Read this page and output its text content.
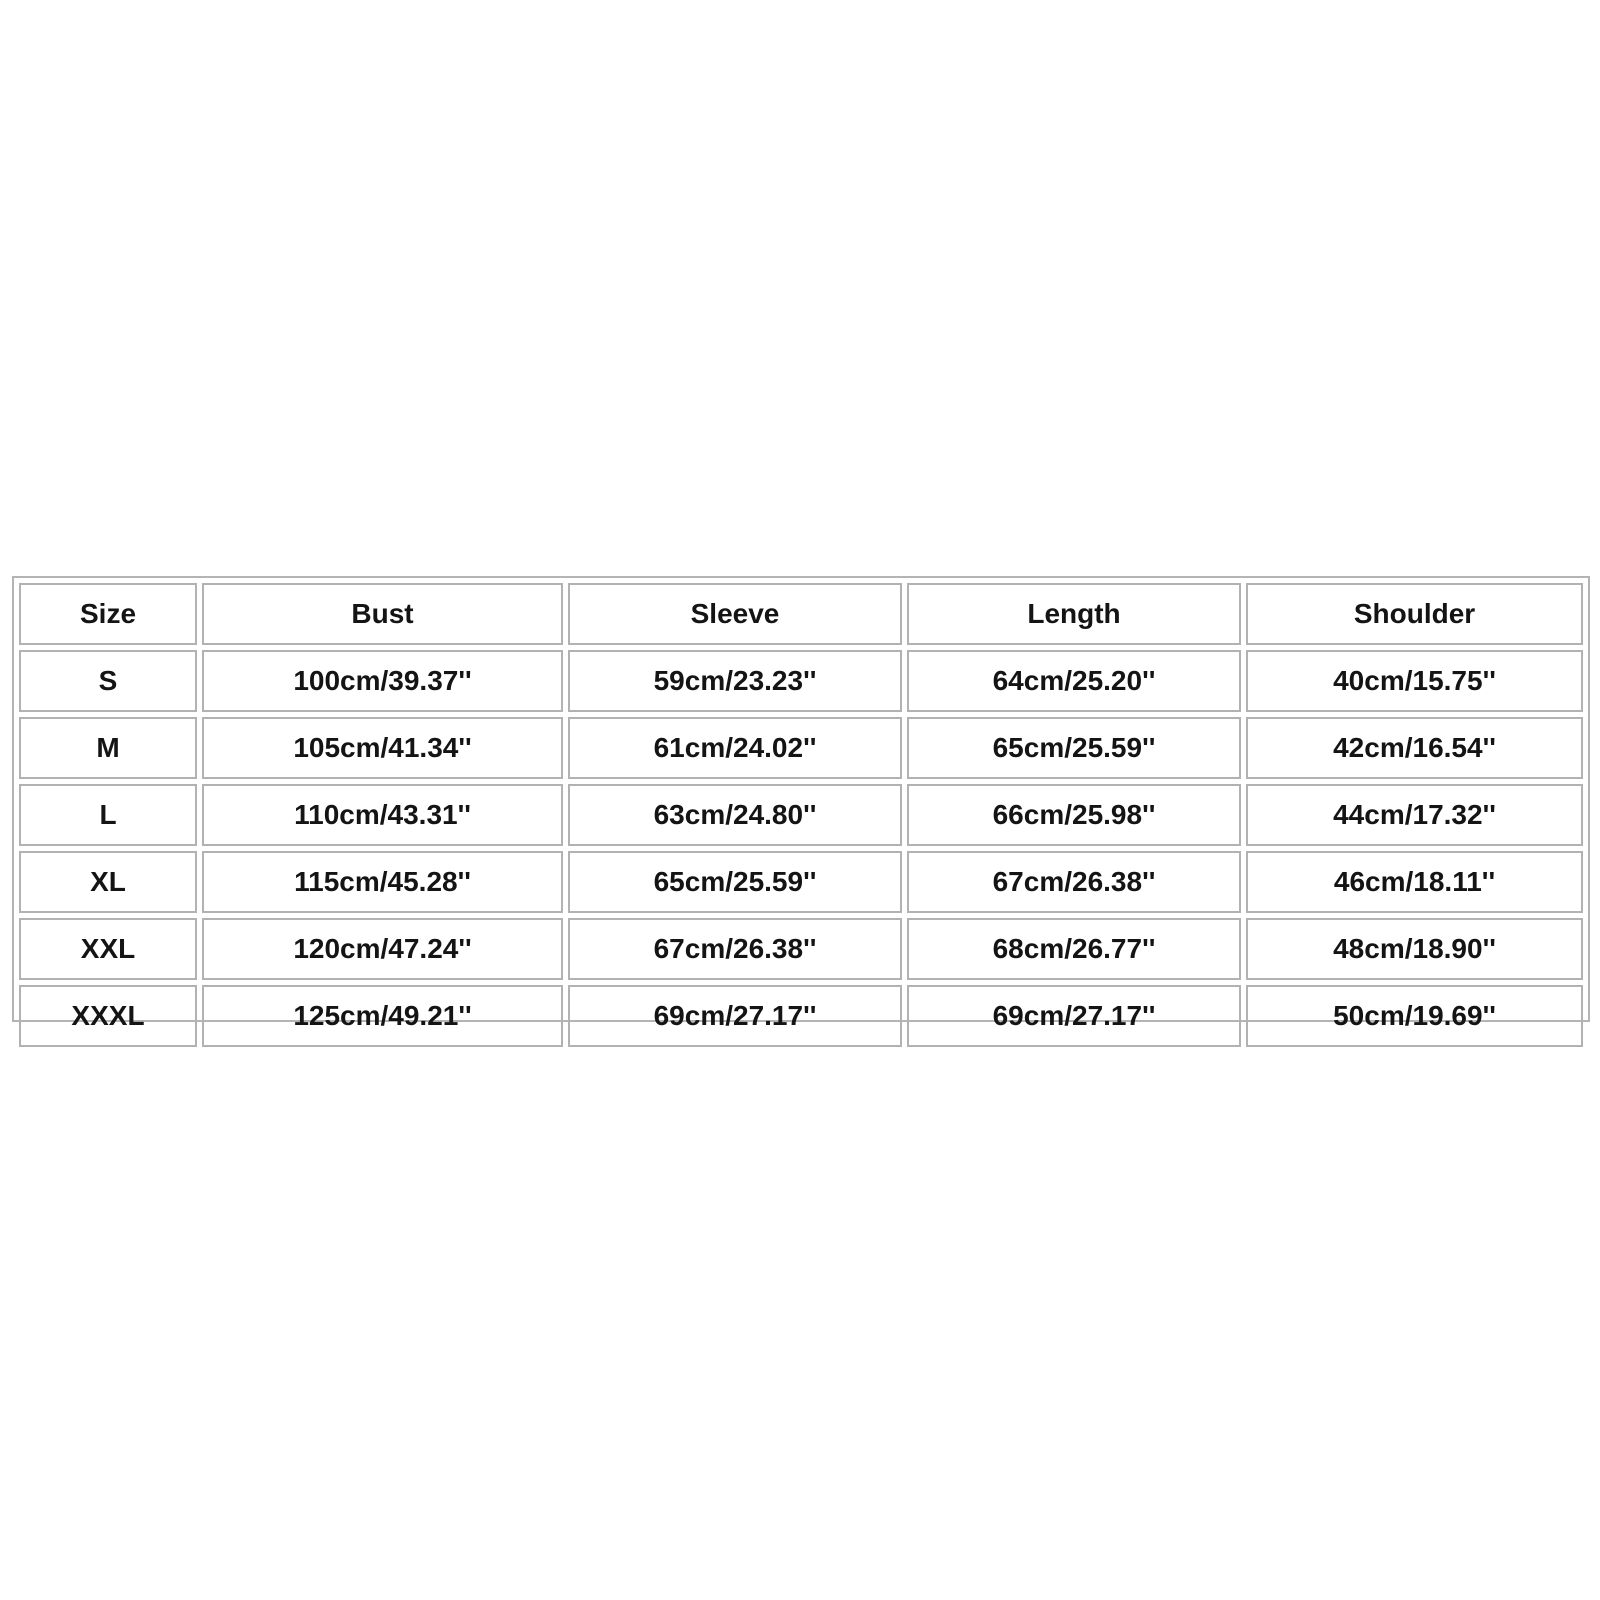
Size	Bust	Sleeve	Length	Shoulder
S	100cm/39.37''	59cm/23.23''	64cm/25.20''	40cm/15.75''
M	105cm/41.34''	61cm/24.02''	65cm/25.59''	42cm/16.54''
L	110cm/43.31''	63cm/24.80''	66cm/25.98''	44cm/17.32''
XL	115cm/45.28''	65cm/25.59''	67cm/26.38''	46cm/18.11''
XXL	120cm/47.24''	67cm/26.38''	68cm/26.77''	48cm/18.90''
XXXL	125cm/49.21''	69cm/27.17''	69cm/27.17''	50cm/19.69''
